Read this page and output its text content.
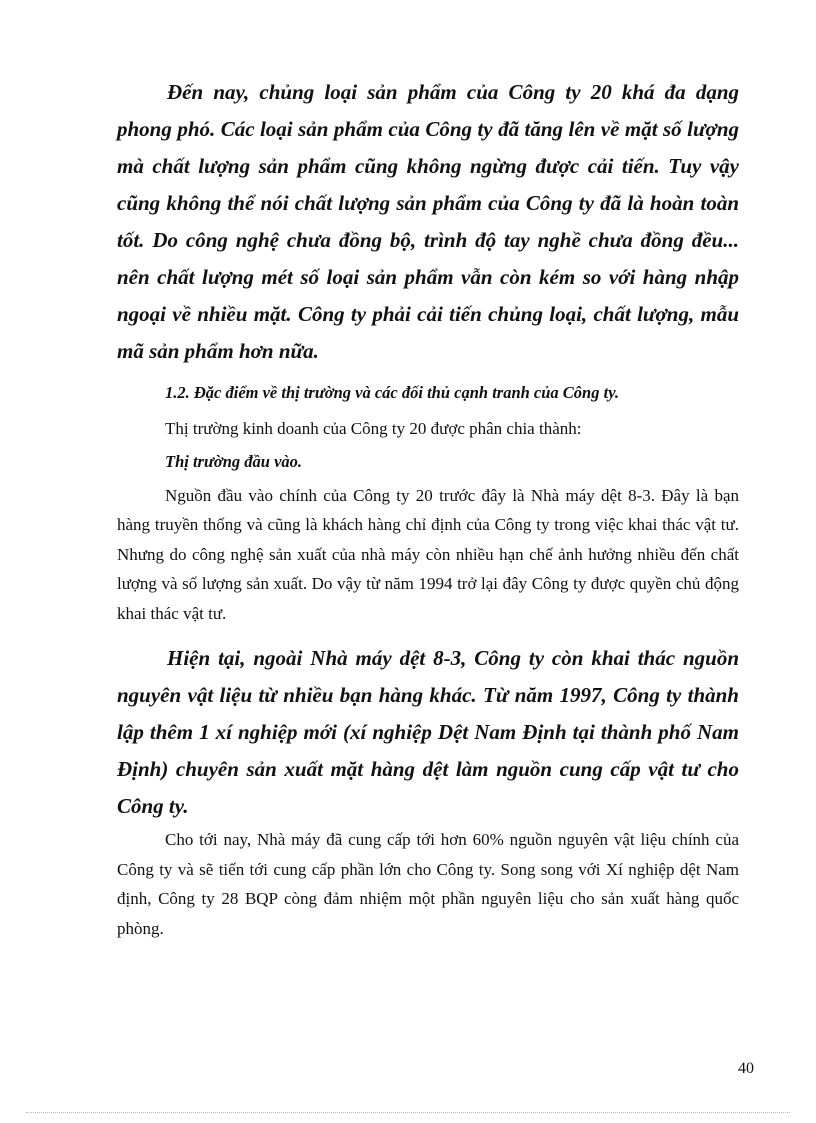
Đến nay, chủng loại sản phẩm của Công ty 20 khá đa dạng phong phó. Các loại sản phẩm của Công ty đã tăng lên về mặt số lượng mà chất lượng sản phẩm cũng không ngừng được cải tiến. Tuy vậy cũng không thể nói chất lượng sản phẩm của Công ty đã là hoàn toàn tốt. Do công nghệ chưa đồng bộ, trình độ tay nghề chưa đồng đều... nên chất lượng mét số loại sản phẩm vẫn còn kém so với hàng nhập ngoại về nhiều mặt. Công ty phải cải tiến chủng loại, chất lượng, mẫu mã sản phẩm hơn nữa.

1.2. Đặc điểm về thị trường và các đối thủ cạnh tranh của Công ty.

Thị trường kinh doanh của Công ty 20 được phân chia thành:

Thị trường đầu vào.

Nguồn đầu vào chính của Công ty 20 trước đây là Nhà máy dệt 8-3. Đây là bạn hàng truyền thống và cũng là khách hàng chỉ định của Công ty trong việc khai thác vật tư. Nhưng do công nghệ sản xuất của nhà máy còn nhiều hạn chế ảnh hưởng nhiều đến chất lượng và số lượng sản xuất. Do vậy từ năm 1994 trở lại đây Công ty được quyền chủ động khai thác vật tư.

Hiện tại, ngoài Nhà máy dệt 8-3, Công ty còn khai thác nguồn nguyên vật liệu từ nhiều bạn hàng khác. Từ năm 1997, Công ty thành lập thêm 1 xí nghiệp mới (xí nghiệp Dệt Nam Định tại thành phố Nam Định) chuyên sản xuất mặt hàng dệt làm nguồn cung cấp vật tư cho Công ty.

Cho tới nay, Nhà máy đã cung cấp tới hơn 60% nguồn nguyên vật liệu chính của Công ty và sẽ tiến tới cung cấp phần lớn cho Công ty. Song song với Xí nghiệp dệt Nam định, Công ty 28 BQP còng đảm nhiệm một phần nguyên liệu cho sản xuất hàng quốc phòng.

40
